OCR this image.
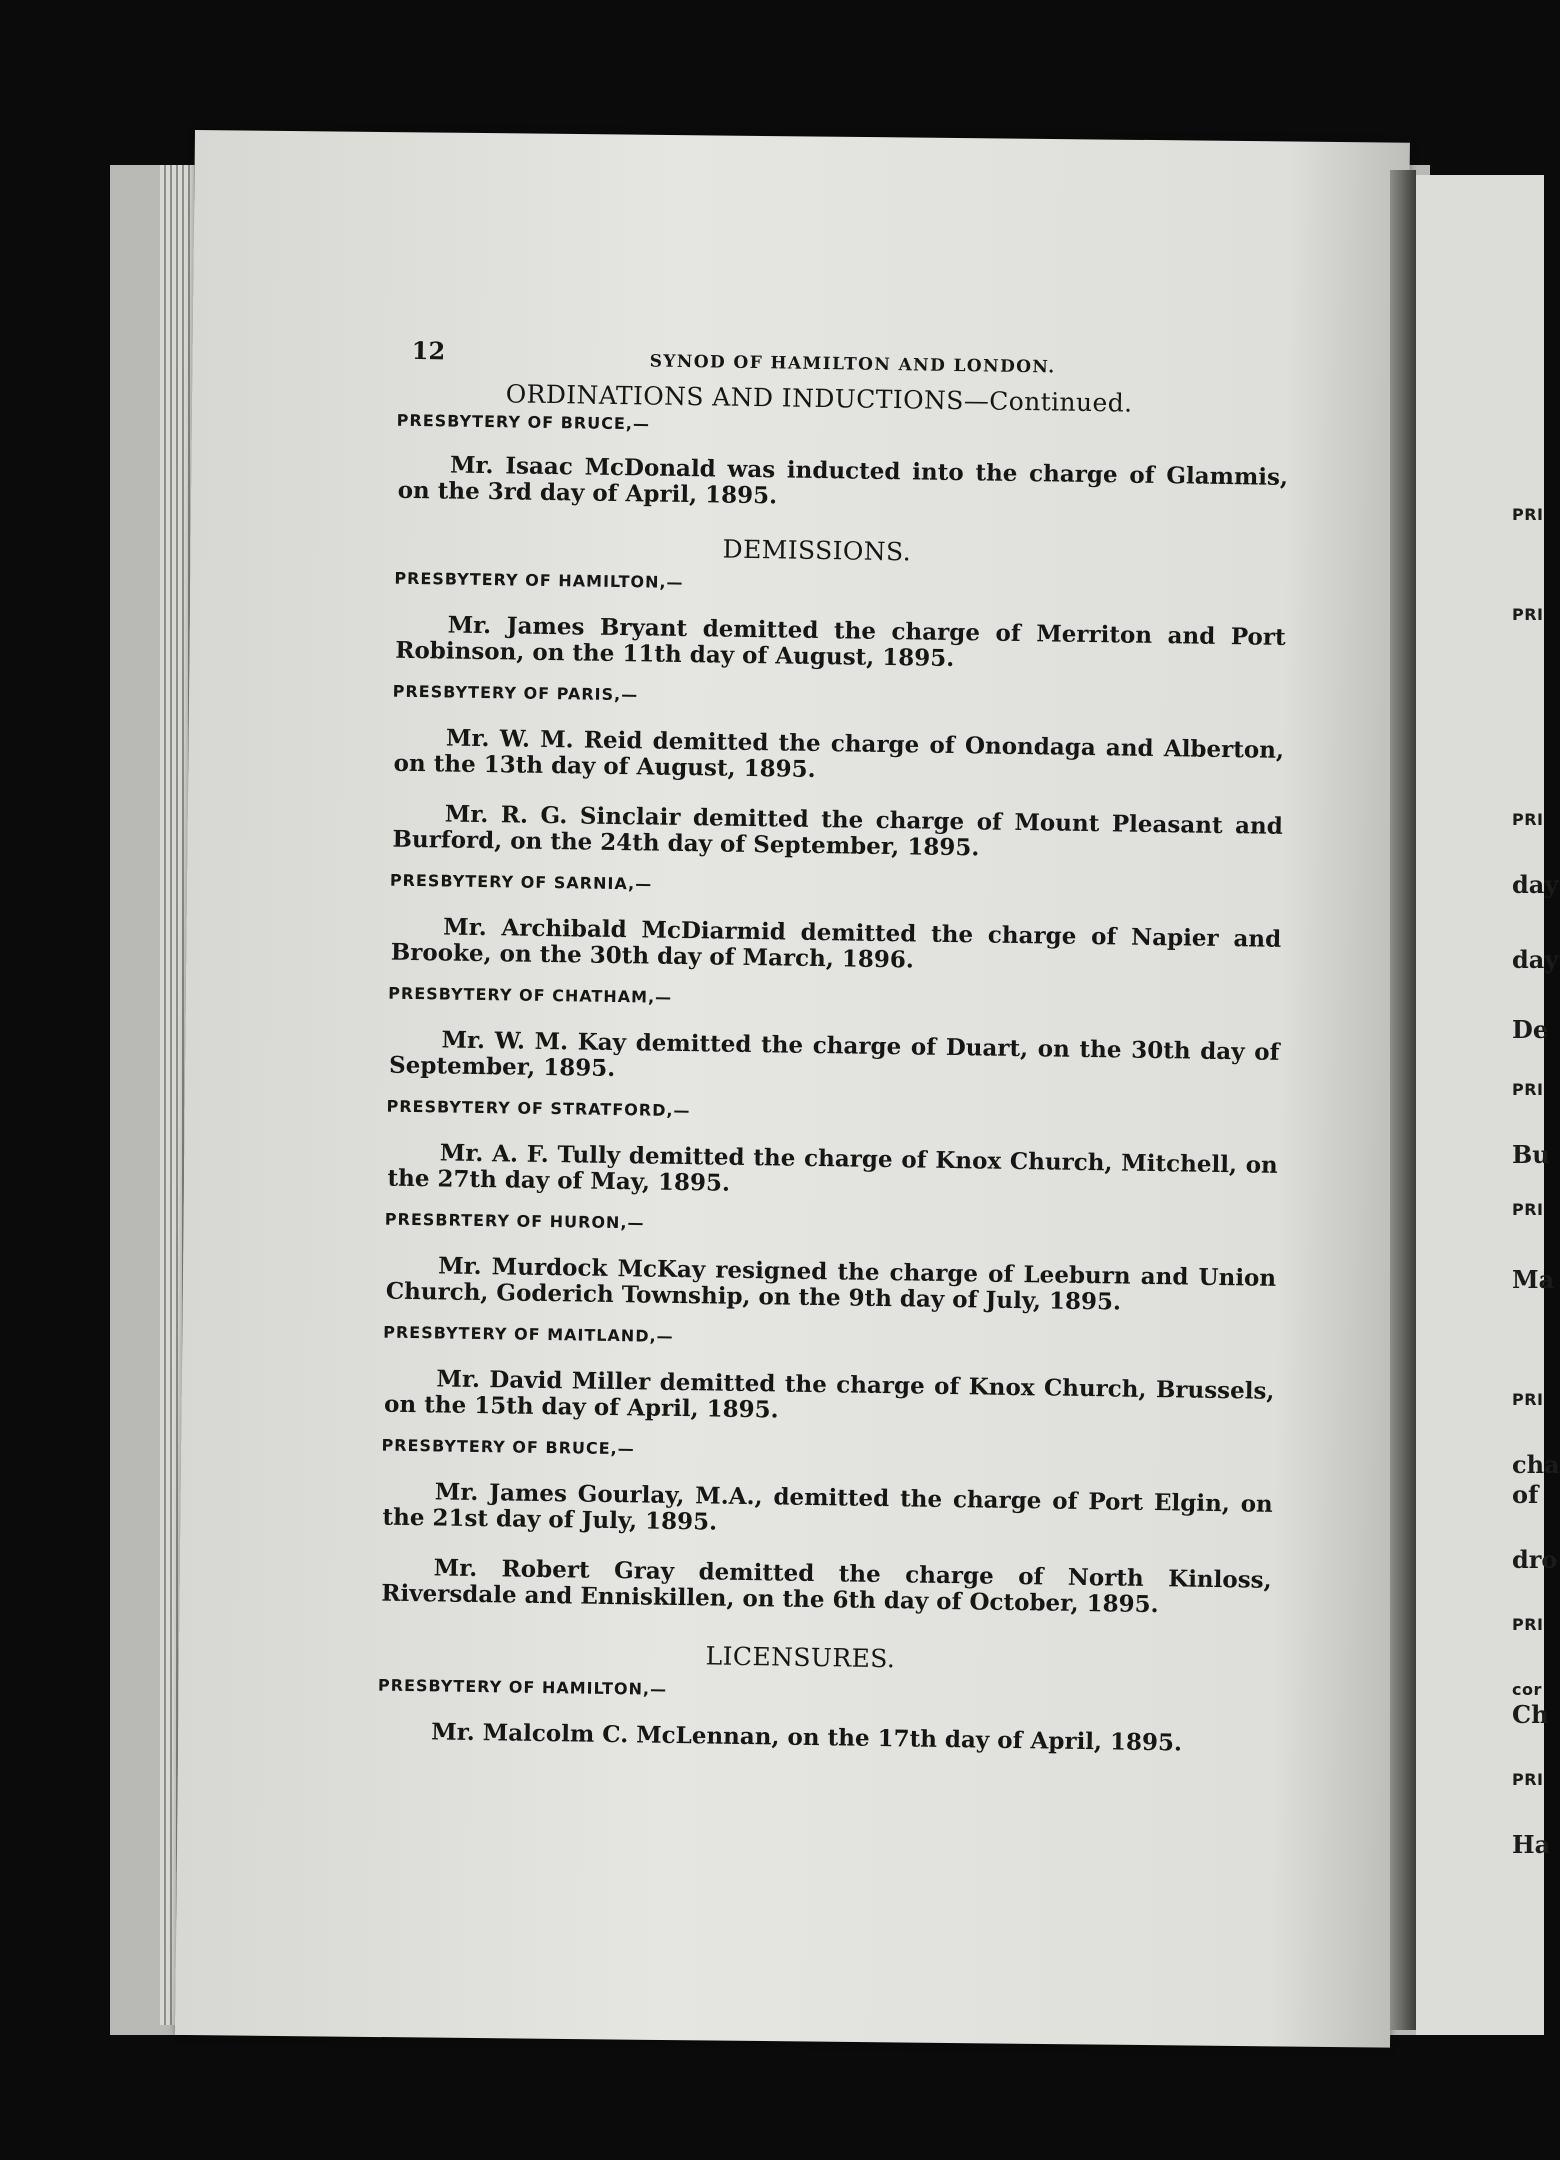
PRI
PRI
PRI
day
day
De
PRI
Bu
PRI
Ma
PRI
cha
of
dro
PRI
cor
Ch
PRI
Ha
12	SYNOD OF HAMILTON AND LONDON.

ORDINATIONS AND INDUCTIONS—Continued.

PRESBYTERY OF BRUCE,—

Mr. Isaac McDonald was inducted into the charge of Glammis, on the 3rd day of April, 1895.

DEMISSIONS.

PRESBYTERY OF HAMILTON,—

Mr. James Bryant demitted the charge of Merriton and Port Robinson, on the 11th day of August, 1895.

PRESBYTERY OF PARIS,—

Mr. W. M. Reid demitted the charge of Onondaga and Alberton, on the 13th day of August, 1895.

Mr. R. G. Sinclair demitted the charge of Mount Pleasant and Burford, on the 24th day of September, 1895.

PRESBYTERY OF SARNIA,—

Mr. Archibald McDiarmid demitted the charge of Napier and Brooke, on the 30th day of March, 1896.

PRESBYTERY OF CHATHAM,—

Mr. W. M. Kay demitted the charge of Duart, on the 30th day of September, 1895.

PRESBYTERY OF STRATFORD,—

Mr. A. F. Tully demitted the charge of Knox Church, Mitchell, on the 27th day of May, 1895.

PRESBRTERY OF HURON,—

Mr. Murdock McKay resigned the charge of Leeburn and Union Church, Goderich Township, on the 9th day of July, 1895.

PRESBYTERY OF MAITLAND,—

Mr. David Miller demitted the charge of Knox Church, Brussels, on the 15th day of April, 1895.

PRESBYTERY OF BRUCE,—

Mr. James Gourlay, M.A., demitted the charge of Port Elgin, on the 21st day of July, 1895.

Mr. Robert Gray demitted the charge of North Kinloss, Riversdale and Enniskillen, on the 6th day of October, 1895.

LICENSURES.

PRESBYTERY OF HAMILTON,—

Mr. Malcolm C. McLennan, on the 17th day of April, 1895.
